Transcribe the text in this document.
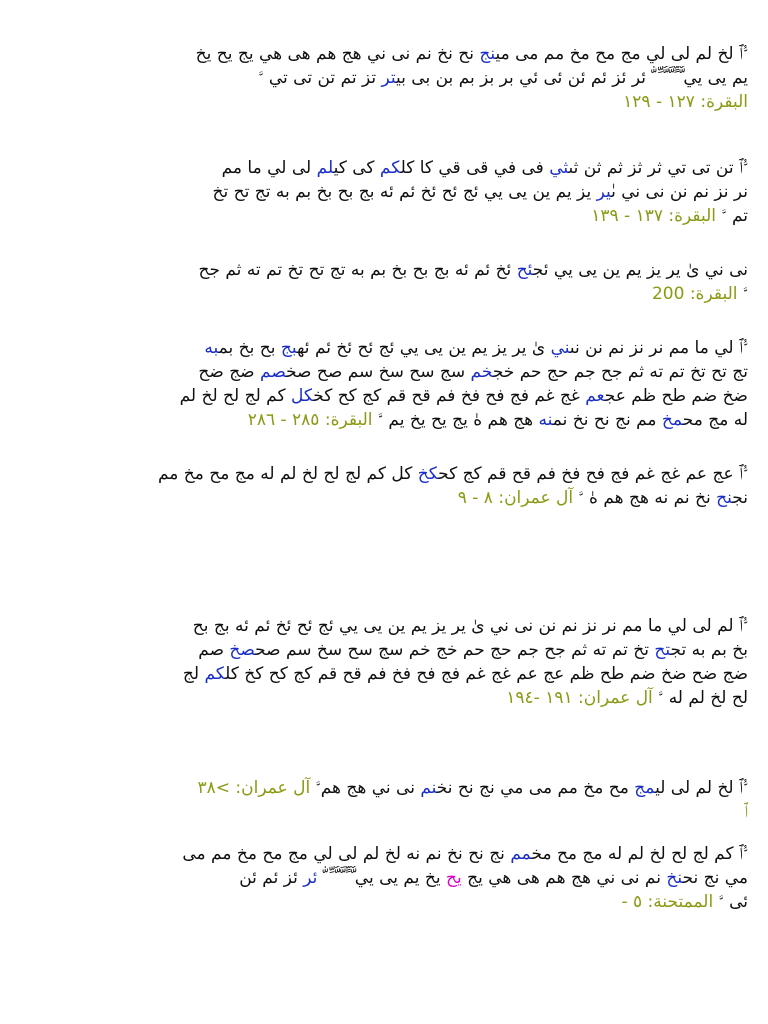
ﱡﭐ لخ لم لى لي مج مح مخ مم مى مينج نح نخ نم نى ني هج هم هى هي يج يح يخ
يم يى يي ٌّ ٍّ َّ ُّ ِّ ّٰ ئر ئز ئم ئن ئى ئي بر بز بم بن بى بيتر تز تم تن تى تي ﱠ
البقرة: ١٢٧ - ١٢٩
ﱡﭐ تن تى تي ثر ثز ثم ثن ثىثي فى في قى قي كا كلكم كى كيلم لى لي ما مم
نر نز نم نن نى ني ىٰير يز يم ين يى يي ئج ئح ئخ ئم ئه بج بح بخ بم به تج تح تخ
تم ﱠ البقرة: ١٣٧ - ١٣٩
نى ني ىٰ ير يز يم ين يى يي ئجئح ئخ ئم ئه بج بح بخ بم به تج تح تخ تم ته ثم جح
ﱠ البقرة: 200
ﱡﭐ لي ما مم نر نز نم نن نىني ىٰ ير يز يم ين يى يي ئج ئح ئخ ئم ئهبج بح بخ بمبه
تج تح تخ تم ته ثم جح جم حج حم خجخم سج سح سخ سم صح صخصم ضج ضح
ضخ ضم طح ظم عجعم غج غم فج فح فخ فم قح قم كج كح كخكل كم لج لح لخ لم
له مج محمخ مم نج نح نخ نمنه هج هم هٰ يج يح يخ يم ﱠ البقرة: ٢٨٥ - ٢٨٦
ﱡﭐ عج عم غج غم فج فح فخ فم قح قم كج كحكخ كل كم لج لح لخ لم له مج مح مخ مم
نجنح نخ نم نه هج هم هٰ ﱠ آل عمران: ٨ - ٩
ﱡﭐ لم لى لي ما مم نر نز نم نن نى ني ىٰ ير يز يم ين يى يي ئج ئح ئخ ئم ئه بج بح
بخ بم به تجتح تخ تم ته ثم جح جم حج حم خج خم سج سح سخ سم صحصخ صم
ضج ضح ضخ ضم طح ظم عج عم غج غم فج فح فخ فم قح قم كج كح كخ كلكم لج
لح لخ لم له ﱠ آل عمران: ١٩١ -١٩٤
ﱡﭐ لخ لم لى ليمج مح مخ مم مى مي نج نح نخنم نى ني هج همﱠ آل عمران: >٣٨
ﭐ
ﱡﭐ كم لج لح لخ لم له مج مح مخمم نج نح نخ نم نه لخ لم لى لي مج مح مخ مم مى
مي نج نحنخ نم نى ني هج هم هى هي يج يح يخ يم يى يي ٌّ ٍّ َّ ُّ ِّ ّٰ ئر ئز ئم ئن
ئى ﱠ الممتحنة: ٥ -
